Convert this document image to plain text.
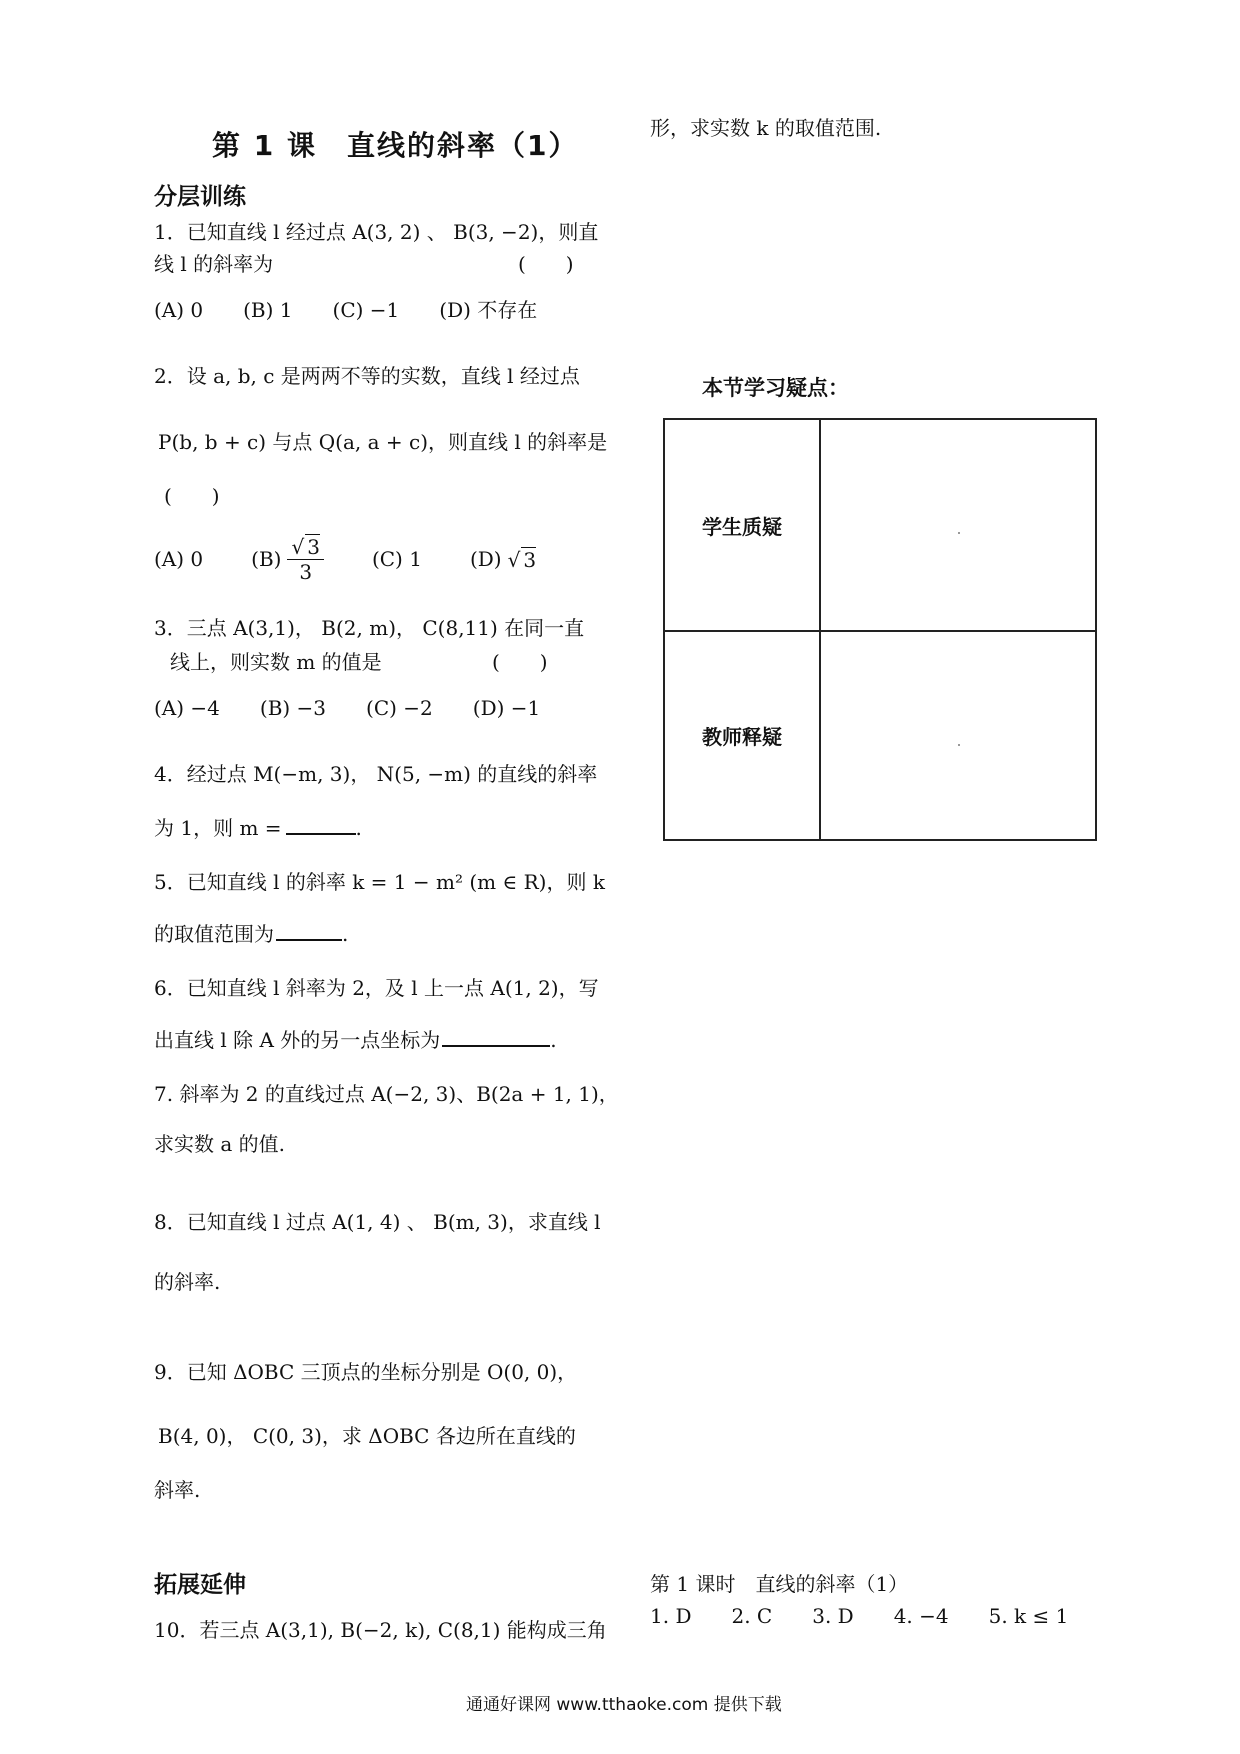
第 1 课　直线的斜率（1）
分层训练
1．已知直线 l 经过点 A(3, 2) 、 B(3, −2)，则直
线 l 的斜率为	(　　)
(A) 0　　(B) 1　　(C) −1　　(D) 不存在
2．设 a, b, c 是两两不等的实数，直线 l 经过点
P(b, b + c) 与点 Q(a, a + c)，则直线 l 的斜率是
(　　)
(A) 0 $(B) \frac{√ 3}{3} (C)$ 1 (D) √ 3
3．三点 A(3,1)， B(2, m)， C(8,11) 在同一直
线上，则实数 m 的值是	(　　)
(A) −4　　(B) −3　　(C) −2　　(D) −1
4．经过点 M(−m, 3)， N(5, −m) 的直线的斜率
为 1，则 m =	.
5．已知直线 l 的斜率 k = 1 − m² (m ∈ R)，则 k
的取值范围为	.
6．已知直线 l 斜率为 2，及 l 上一点 A(1, 2)，写
出直线 l 除 A 外的另一点坐标为	.
7. 斜率为 2 的直线过点 A(−2, 3)、B(2a + 1, 1)，
求实数 a 的值.
8．已知直线 l 过点 A(1, 4) 、 B(m, 3)，求直线 l
的斜率.
9．已知 ΔOBC 三顶点的坐标分别是 O(0, 0)，
B(4, 0)， C(0, 3)，求 ΔOBC 各边所在直线的
斜率.
拓展延伸
10．若三点 A(3,1), B(−2, k), C(8,1) 能构成三角
形，求实数 k 的取值范围.
本节学习疑点：
学生质疑
教师释疑
第 1 课时　直线的斜率（1）
1. D　　2. C　　3. D　　4. −4　　5. k ≤ 1
通通好课网 www.tthaoke.com 提供下载
